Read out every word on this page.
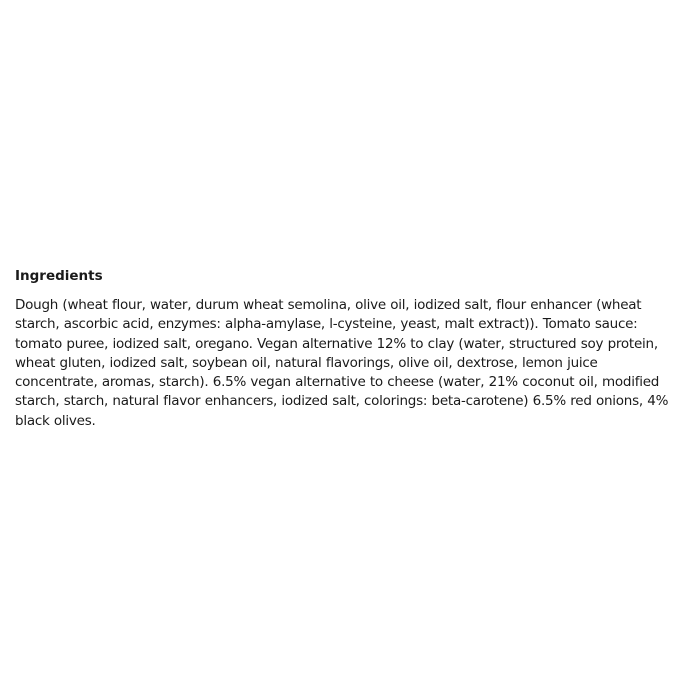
Ingredients
Dough (wheat flour, water, durum wheat semolina, olive oil, iodized salt, flour enhancer (wheat
starch, ascorbic acid, enzymes: alpha-amylase, l-cysteine, yeast, malt extract)). Tomato sauce:
tomato puree, iodized salt, oregano. Vegan alternative 12% to clay (water, structured soy protein,
wheat gluten, iodized salt, soybean oil, natural flavorings, olive oil, dextrose, lemon juice
concentrate, aromas, starch). 6.5% vegan alternative to cheese (water, 21% coconut oil, modified
starch, starch, natural flavor enhancers, iodized salt, colorings: beta-carotene) 6.5% red onions, 4%
black olives.
